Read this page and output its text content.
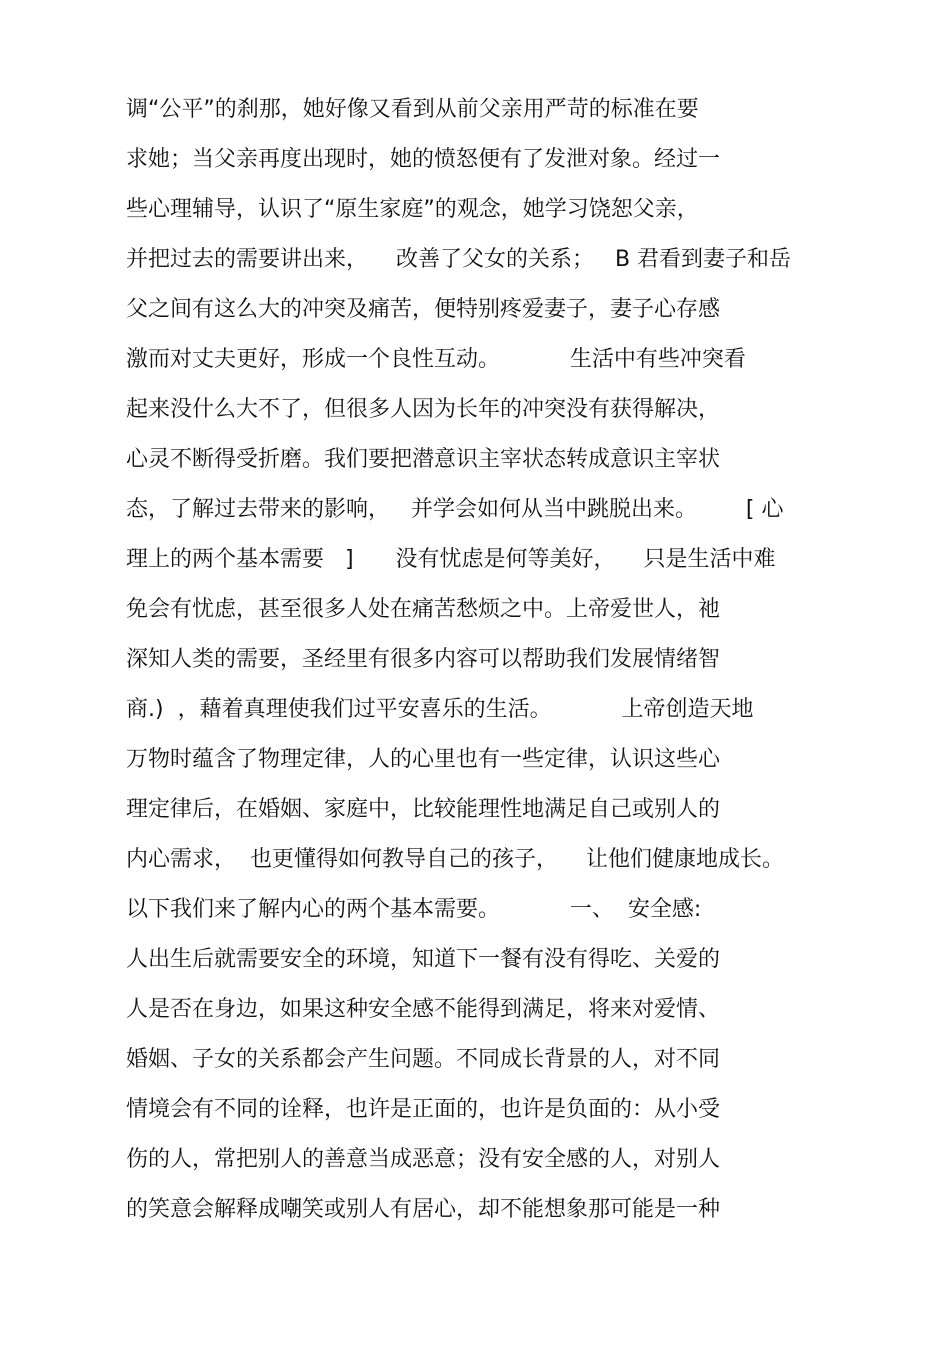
调“公平”的刹那，她好像又看到从前父亲用严苛的标准在要
求她；当父亲再度出现时，她的愤怒便有了发泄对象。经过一
些心理辅导，认识了“原生家庭”的观念，她学习饶恕父亲，
并把过去的需要讲出来，    改善了父女的关系；   B 君看到妻子和岳
父之间有这么大的冲突及痛苦，便特别疼爱妻子，妻子心存感
激而对丈夫更好，形成一个良性互动。          生活中有些冲突看
起来没什么大不了，但很多人因为长年的冲突没有获得解决，
心灵不断得受折磨。我们要把潜意识主宰状态转成意识主宰状
态，了解过去带来的影响，   并学会如何从当中跳脱出来。       [ 心
理上的两个基本需要   ]      没有忧虑是何等美好，    只是生活中难
免会有忧虑，甚至很多人处在痛苦愁烦之中。上帝爱世人，祂
深知人类的需要，圣经里有很多内容可以帮助我们发展情绪智
商.)  ，藉着真理使我们过平安喜乐的生活。          上帝创造天地
万物时蕴含了物理定律，人的心里也有一些定律，认识这些心
理定律后，在婚姻、家庭中，比较能理性地满足自己或别人的
内心需求，  也更懂得如何教导自己的孩子，    让他们健康地成长。
以下我们来了解内心的两个基本需要。          一、  安全感:
人出生后就需要安全的环境，知道下一餐有没有得吃、关爱的
人是否在身边，如果这种安全感不能得到满足，将来对爱情、
婚姻、子女的关系都会产生问题。不同成长背景的人，对不同
情境会有不同的诠释，也许是正面的，也许是负面的：从小受
伤的人，常把别人的善意当成恶意；没有安全感的人，对别人
的笑意会解释成嘲笑或别人有居心，却不能想象那可能是一种
